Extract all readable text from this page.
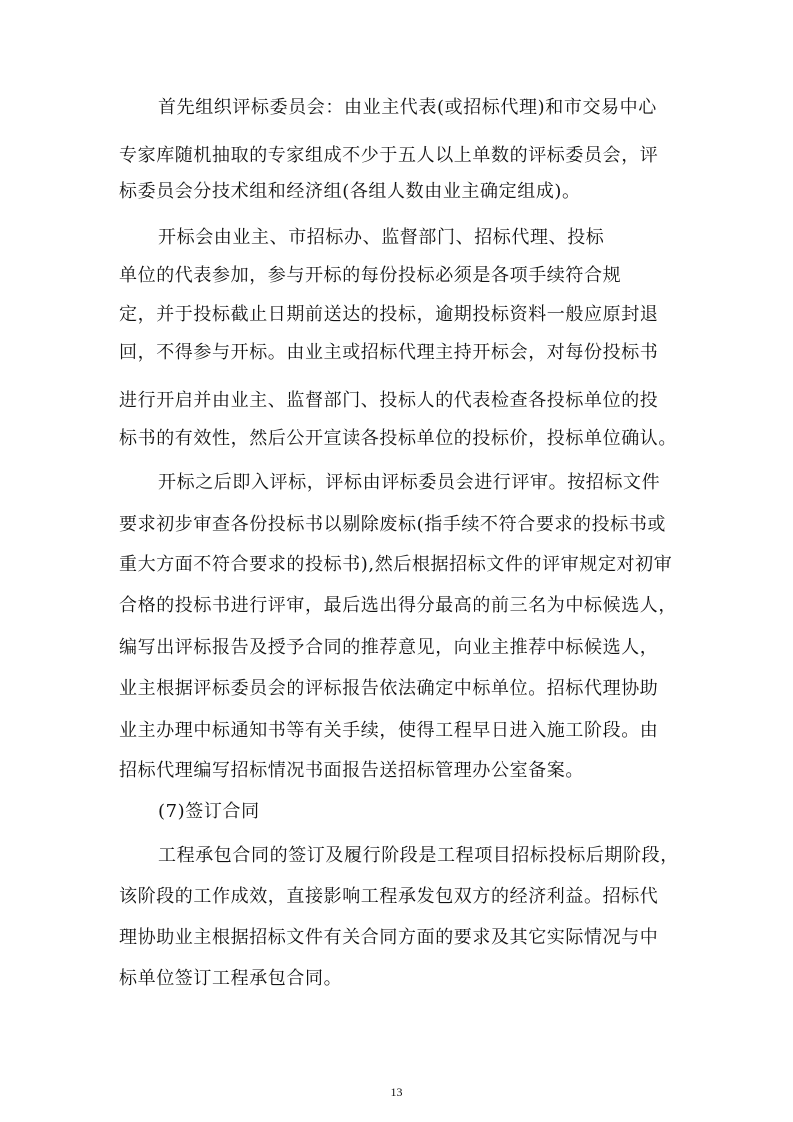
首先组织评标委员会：由业主代表(或招标代理)和市交易中心
专家库随机抽取的专家组成不少于五人以上单数的评标委员会，评
标委员会分技术组和经济组(各组人数由业主确定组成)。
开标会由业主、市招标办、监督部门、招标代理、投标
单位的代表参加，参与开标的每份投标必须是各项手续符合规
定，并于投标截止日期前送达的投标，逾期投标资料一般应原封退
回，不得参与开标。由业主或招标代理主持开标会，对每份投标书
进行开启并由业主、监督部门、投标人的代表检查各投标单位的投
标书的有效性，然后公开宣读各投标单位的投标价，投标单位确认。
开标之后即入评标，评标由评标委员会进行评审。按招标文件
要求初步审查各份投标书以剔除废标(指手续不符合要求的投标书或
重大方面不符合要求的投标书),然后根据招标文件的评审规定对初审
合格的投标书进行评审，最后选出得分最高的前三名为中标候选人，
编写出评标报告及授予合同的推荐意见，向业主推荐中标候选人，
业主根据评标委员会的评标报告依法确定中标单位。招标代理协助
业主办理中标通知书等有关手续，使得工程早日进入施工阶段。由
招标代理编写招标情况书面报告送招标管理办公室备案。
(7)签订合同
工程承包合同的签订及履行阶段是工程项目招标投标后期阶段，
该阶段的工作成效，直接影响工程承发包双方的经济利益。招标代
理协助业主根据招标文件有关合同方面的要求及其它实际情况与中
标单位签订工程承包合同。
13
